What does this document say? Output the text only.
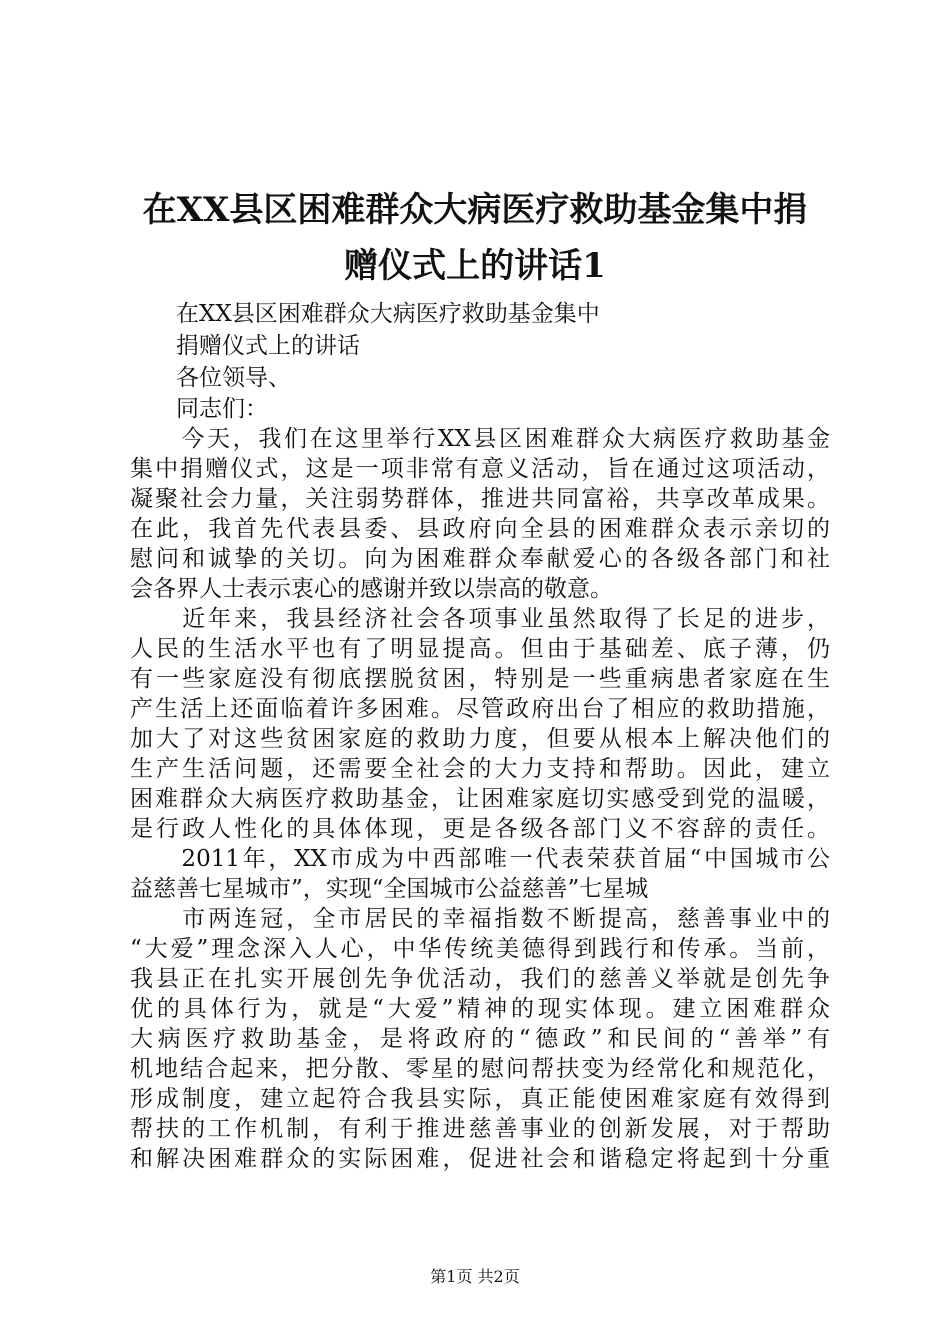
在XX县区困难群众大病医疗救助基金集中捐
赠仪式上的讲话1
　　在XX县区困难群众大病医疗救助基金集中
　　捐赠仪式上的讲话
　　各位领导、
　　同志们：
　　今天，我们在这里举行XX县区困难群众大病医疗救助基金
集中捐赠仪式，这是一项非常有意义活动，旨在通过这项活动，
凝聚社会力量，关注弱势群体，推进共同富裕，共享改革成果。
在此，我首先代表县委、县政府向全县的困难群众表示亲切的
慰问和诚挚的关切。向为困难群众奉献爱心的各级各部门和社
会各界人士表示衷心的感谢并致以崇高的敬意。
　　近年来，我县经济社会各项事业虽然取得了长足的进步，
人民的生活水平也有了明显提高。但由于基础差、底子薄，仍
有一些家庭没有彻底摆脱贫困，特别是一些重病患者家庭在生
产生活上还面临着许多困难。尽管政府出台了相应的救助措施，
加大了对这些贫困家庭的救助力度，但要从根本上解决他们的
生产生活问题，还需要全社会的大力支持和帮助。因此，建立
困难群众大病医疗救助基金，让困难家庭切实感受到党的温暖，
是行政人性化的具体体现，更是各级各部门义不容辞的责任。
　　2011年，XX市成为中西部唯一代表荣获首届“中国城市公
益慈善七星城市”，实现“全国城市公益慈善”七星城
　　市两连冠，全市居民的幸福指数不断提高，慈善事业中的
“大爱”理念深入人心，中华传统美德得到践行和传承。当前，
我县正在扎实开展创先争优活动，我们的慈善义举就是创先争
优的具体行为，就是“大爱”精神的现实体现。建立困难群众
大病医疗救助基金，是将政府的“德政”和民间的“善举”有
机地结合起来，把分散、零星的慰问帮扶变为经常化和规范化，
形成制度，建立起符合我县实际，真正能使困难家庭有效得到
帮扶的工作机制，有利于推进慈善事业的创新发展，对于帮助
和解决困难群众的实际困难，促进社会和谐稳定将起到十分重
第1页 共2页
